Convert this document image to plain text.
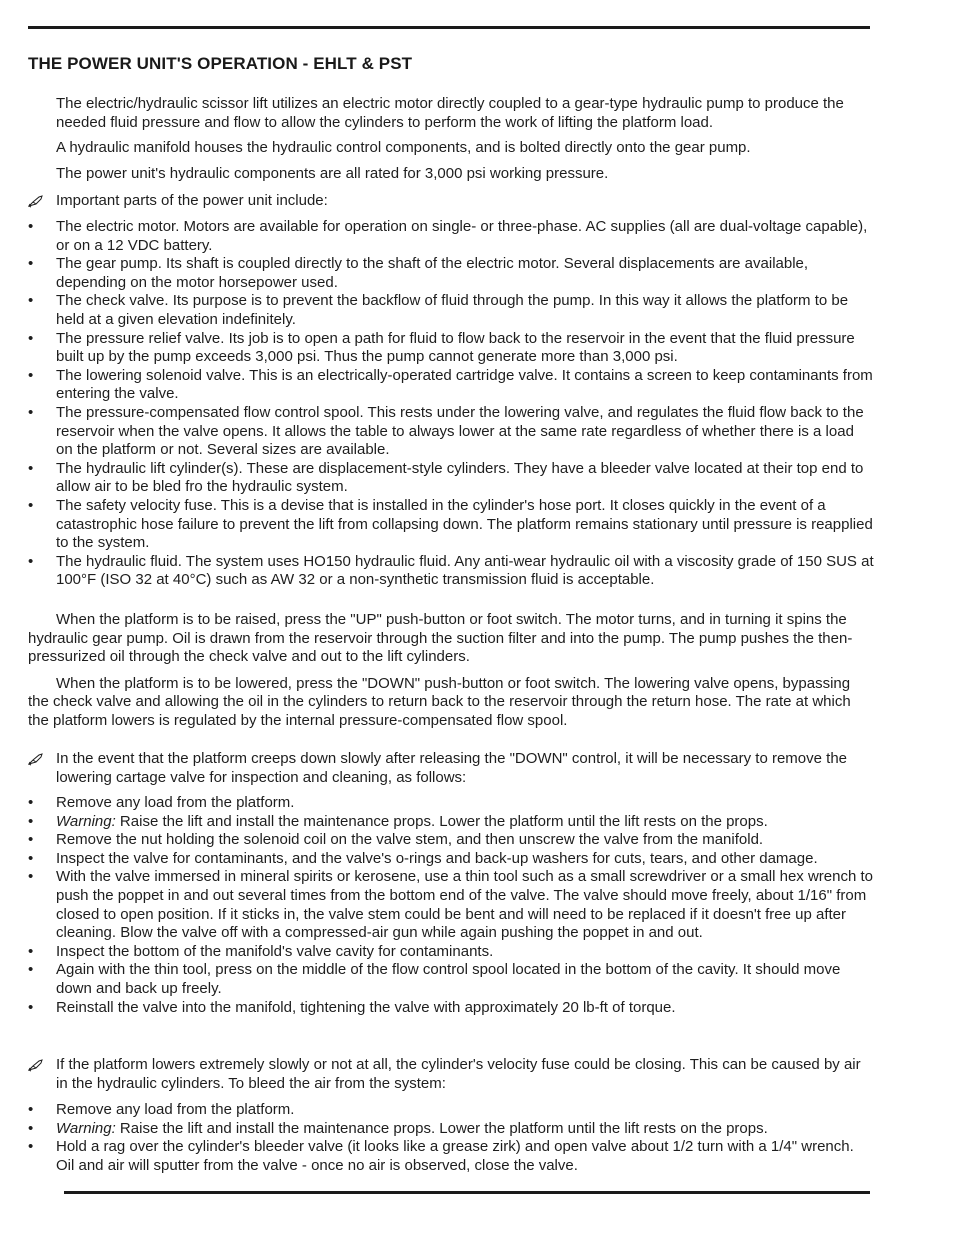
THE POWER UNIT'S OPERATION - EHLT & PST

The electric/hydraulic scissor lift utilizes an electric motor directly coupled to a gear-type hydraulic pump to produce the needed fluid pressure and flow to allow the cylinders to perform the work of lifting the platform load.

A hydraulic manifold houses the hydraulic control components, and is bolted directly onto the gear pump.

The power unit's hydraulic components are all rated for 3,000 psi working pressure.

Important parts of the power unit include:
•	The electric motor. Motors are available for operation on single- or three-phase. AC supplies (all are dual-voltage capable), or on a 12 VDC battery.
•	The gear pump. Its shaft is coupled directly to the shaft of the electric motor. Several displacements are available, depending on the motor horsepower used.
•	The check valve. Its purpose is to prevent the backflow of fluid through the pump. In this way it allows the platform to be held at a given elevation indefinitely.
•	The pressure relief valve. Its job is to open a path for fluid to flow back to the reservoir in the event that the fluid pressure built up by the pump exceeds 3,000 psi. Thus the pump cannot generate more than 3,000 psi.
•	The lowering solenoid valve. This is an electrically-operated cartridge valve. It contains a screen to keep contaminants from entering the valve.
•	The pressure-compensated flow control spool. This rests under the lowering valve, and regulates the fluid flow back to the reservoir when the valve opens. It allows the table to always lower at the same rate regardless of whether there is a load on the platform or not. Several sizes are available.
•	The hydraulic lift cylinder(s). These are displacement-style cylinders. They have a bleeder valve located at their top end to allow air to be bled fro the hydraulic system.
•	The safety velocity fuse. This is a devise that is installed in the cylinder's hose port. It closes quickly in the event of a catastrophic hose failure to prevent the lift from collapsing down. The platform remains stationary until pressure is reapplied to the system.
•	The hydraulic fluid. The system uses HO150 hydraulic fluid. Any anti-wear hydraulic oil with a viscosity grade of 150 SUS at 100°F (ISO 32 at 40°C) such as AW 32 or a non-synthetic transmission fluid is acceptable.

When the platform is to be raised, press the "UP" push-button or foot switch. The motor turns, and in turning it spins the hydraulic gear pump. Oil is drawn from the reservoir through the suction filter and into the pump. The pump pushes the then-pressurized oil through the check valve and out to the lift cylinders.

When the platform is to be lowered, press the "DOWN" push-button or foot switch. The lowering valve opens, bypassing the check valve and allowing the oil in the cylinders to return back to the reservoir through the return hose. The rate at which the platform lowers is regulated by the internal pressure-compensated flow spool.

In the event that the platform creeps down slowly after releasing the "DOWN" control, it will be necessary to remove the lowering cartage valve for inspection and cleaning, as follows:
•	Remove any load from the platform.
•	Warning: Raise the lift and install the maintenance props. Lower the platform until the lift rests on the props.
•	Remove the nut holding the solenoid coil on the valve stem, and then unscrew the valve from the manifold.
•	Inspect the valve for contaminants, and the valve's o-rings and back-up washers for cuts, tears, and other damage.
•	With the valve immersed in mineral spirits or kerosene, use a thin tool such as a small screwdriver or a small hex wrench to push the poppet in and out several times from the bottom end of the valve. The valve should move freely, about 1/16" from closed to open position. If it sticks in, the valve stem could be bent and will need to be replaced if it doesn't free up after cleaning. Blow the valve off with a compressed-air gun while again pushing the poppet in and out.
•	Inspect the bottom of the manifold's valve cavity for contaminants.
•	Again with the thin tool, press on the middle of the flow control spool located in the bottom of the cavity. It should move down and back up freely.
•	Reinstall the valve into the manifold, tightening the valve with approximately 20 lb-ft of torque.
If the platform lowers extremely slowly or not at all, the cylinder's velocity fuse could be closing. This can be caused by air in the hydraulic cylinders. To bleed the air from the system:
•	Remove any load from the platform.
•	Warning: Raise the lift and install the maintenance props. Lower the platform until the lift rests on the props.
•	Hold a rag over the cylinder's bleeder valve (it looks like a grease zirk) and open valve about 1/2 turn with a 1/4" wrench. Oil and air will sputter from the valve - once no air is observed, close the valve.
